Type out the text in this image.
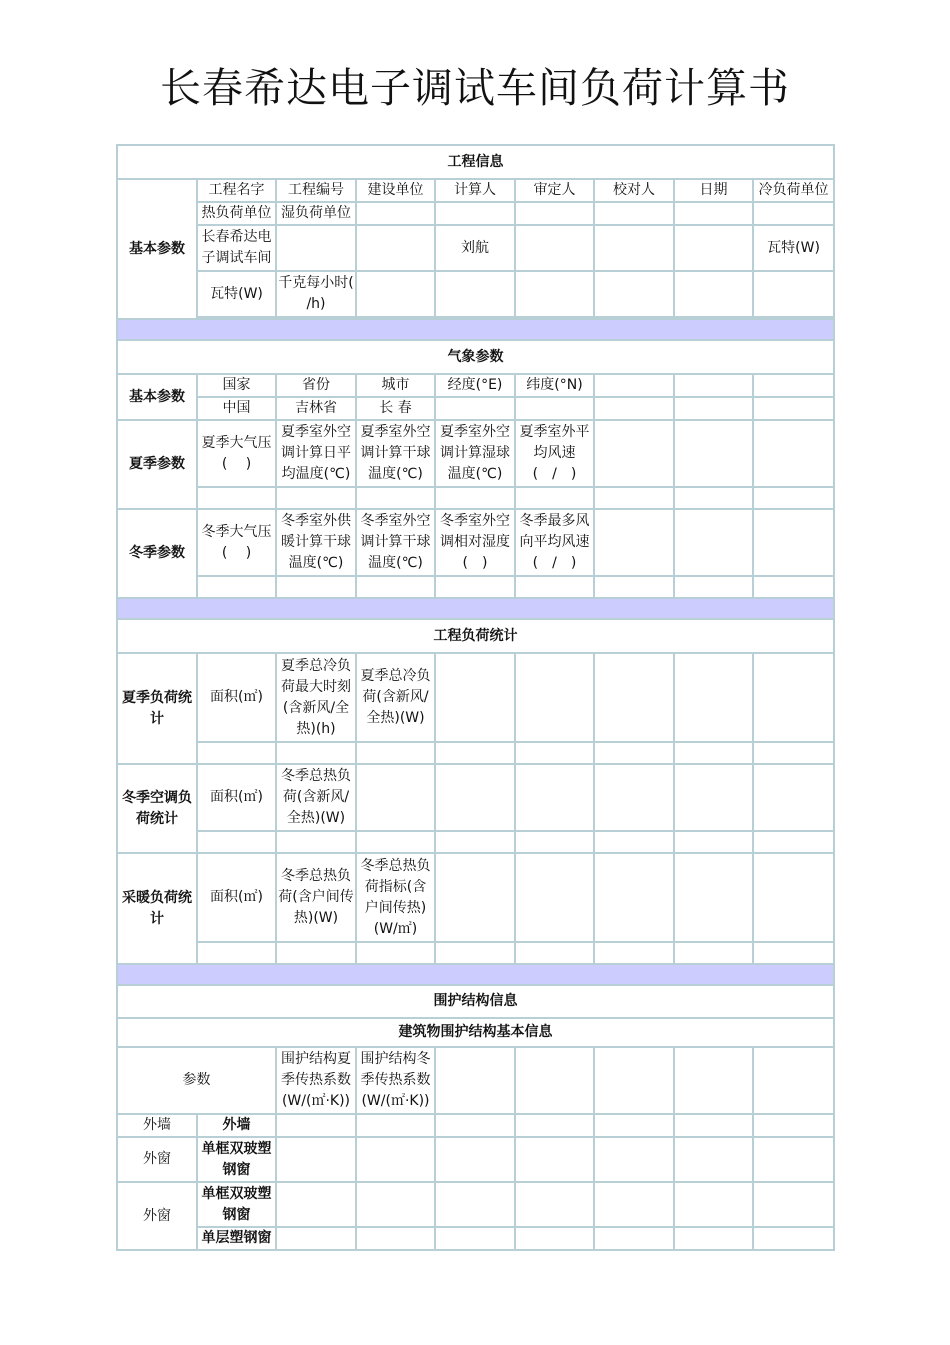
长春希达电子调试车间负荷计算书
工程信息								
基本参数	工程名字	工程编号	建设单位	计算人	审定人	校对人	日期	冷负荷单位
	热负荷单位	湿负荷单位						
	长春希达电子调试车间			刘航				瓦特(W)
	瓦特(W)	千克每小时(　 /h)						

气象参数								
基本参数	国家	省份	城市	经度(°E)	纬度(°N)			
	中国	吉林省	长 春					
夏季参数	夏季大气压(　 )	夏季室外空调计算日平均温度(℃)	夏季室外空调计算干球温度(℃)	夏季室外空调计算湿球温度(℃)	夏季室外平均风速(　/　)			

冬季参数	冬季大气压(　 )	冬季室外供暖计算干球温度(℃)	冬季室外空调计算干球温度(℃)	冬季室外空调相对湿度(　)	冬季最多风向平均风速(　/　)			

工程负荷统计								
夏季负荷统计	面积(㎡)	夏季总冷负荷最大时刻(含新风/全热)(h)	夏季总冷负荷(含新风/全热)(W)					

冬季空调负荷统计	面积(㎡)	冬季总热负荷(含新风/全热)(W)						

采暖负荷统计	面积(㎡)	冬季总热负荷(含户间传热)(W)	冬季总热负荷指标(含户间传热)(W/㎡)					

围护结构信息								
建筑物围护结构基本信息								
参数		围护结构夏季传热系数(W/(㎡·K))	围护结构冬季传热系数(W/(㎡·K))					
外墙	外墙							
外窗	单框双玻塑钢窗							
外窗	单框双玻塑钢窗							
	单层塑钢窗							
